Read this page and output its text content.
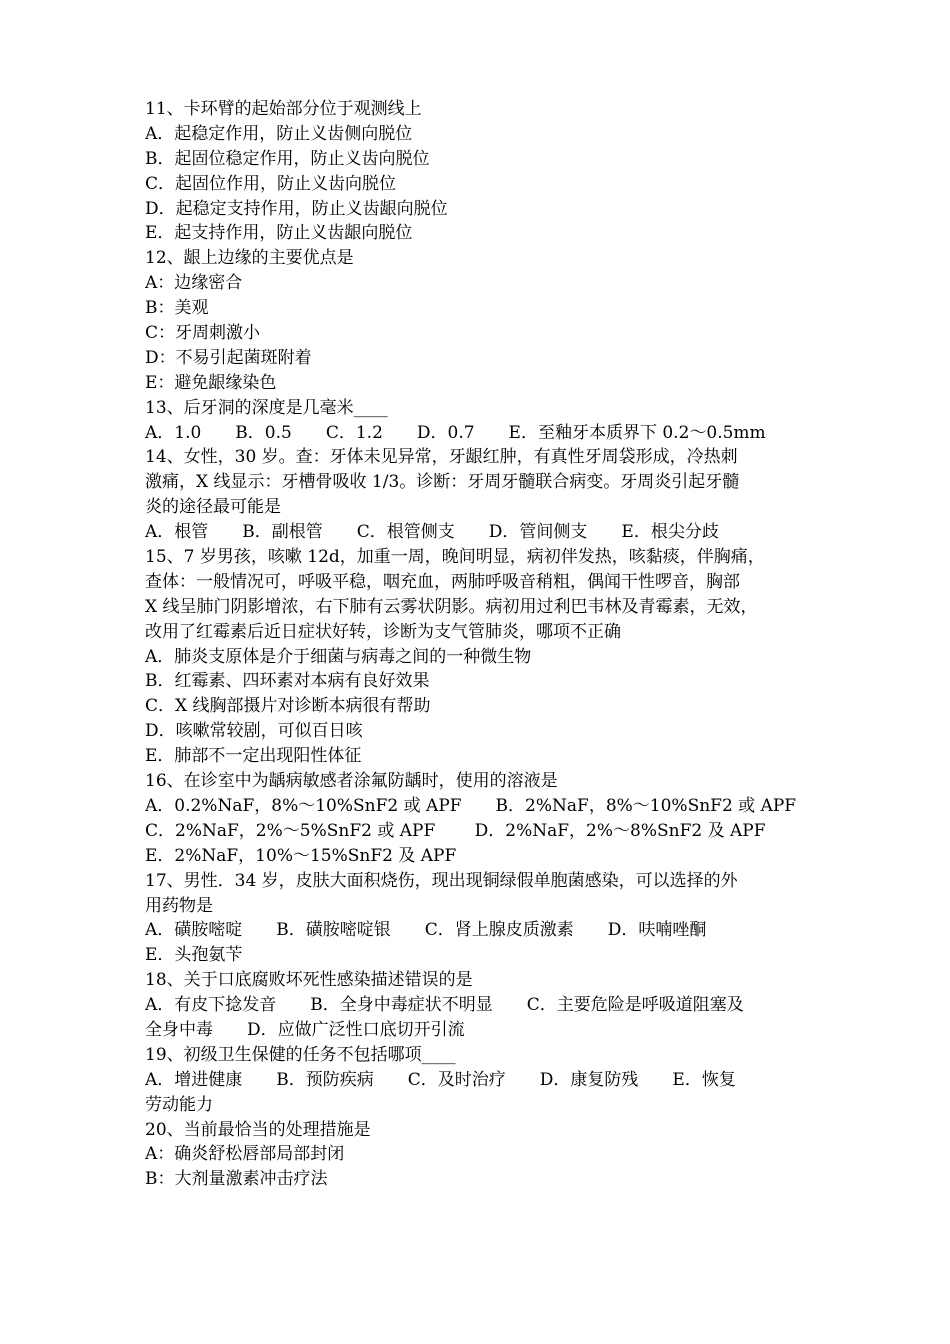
11、卡环臂的起始部分位于观测线上
A．起稳定作用，防止义齿侧向脱位
B．起固位稳定作用，防止义齿向脱位
C．起固位作用，防止义齿向脱位
D．起稳定支持作用，防止义齿龈向脱位
E．起支持作用，防止义齿龈向脱位
12、龈上边缘的主要优点是
A：边缘密合
B：美观
C：牙周刺激小
D：不易引起菌斑附着
E：避免龈缘染色
13、后牙洞的深度是几毫米____
A．1.0　　B．0.5　　C．1.2　　D．0.7　　E．至釉牙本质界下 0.2～0.5mm
14、女性，30 岁。查：牙体未见异常，牙龈红肿，有真性牙周袋形成，冷热刺
激痛，X 线显示：牙槽骨吸收 1/3。诊断：牙周牙髓联合病变。牙周炎引起牙髓
炎的途径最可能是
A．根管　　B．副根管　　C．根管侧支　　D．管间侧支　　E．根尖分歧
15、7 岁男孩，咳嗽 12d，加重一周，晚间明显，病初伴发热，咳黏痰，伴胸痛，
查体：一般情况可，呼吸平稳，咽充血，两肺呼吸音稍粗，偶闻干性啰音，胸部
X 线呈肺门阴影增浓，右下肺有云雾状阴影。病初用过利巴韦林及青霉素，无效，
改用了红霉素后近日症状好转，诊断为支气管肺炎，哪项不正确
A．肺炎支原体是介于细菌与病毒之间的一种微生物
B．红霉素、四环素对本病有良好效果
C．X 线胸部摄片对诊断本病很有帮助
D．咳嗽常较剧，可似百日咳
E．肺部不一定出现阳性体征
16、在诊室中为龋病敏感者涂氟防龋时，使用的溶液是
A．0.2%NaF，8%～10%SnF2 或 APF　　B．2%NaF，8%～10%SnF2 或 APF
C．2%NaF，2%～5%SnF2 或 APF　　 D．2%NaF，2%～8%SnF2 及 APF
E．2%NaF，10%～15%SnF2 及 APF
17、男性．34 岁，皮肤大面积烧伤，现出现铜绿假单胞菌感染，可以选择的外
用药物是
A．磺胺嘧啶　　B．磺胺嘧啶银　　C．肾上腺皮质激素　　D．呋喃唑酮
E．头孢氨苄
18、关于口底腐败坏死性感染描述错误的是
A．有皮下捻发音　　B．全身中毒症状不明显　　C．主要危险是呼吸道阻塞及
全身中毒　　D．应做广泛性口底切开引流
19、初级卫生保健的任务不包括哪项____
A．增进健康　　B．预防疾病　　C．及时治疗　　D．康复防残　　E．恢复
劳动能力
20、当前最恰当的处理措施是
A：确炎舒松唇部局部封闭
B：大剂量激素冲击疗法
